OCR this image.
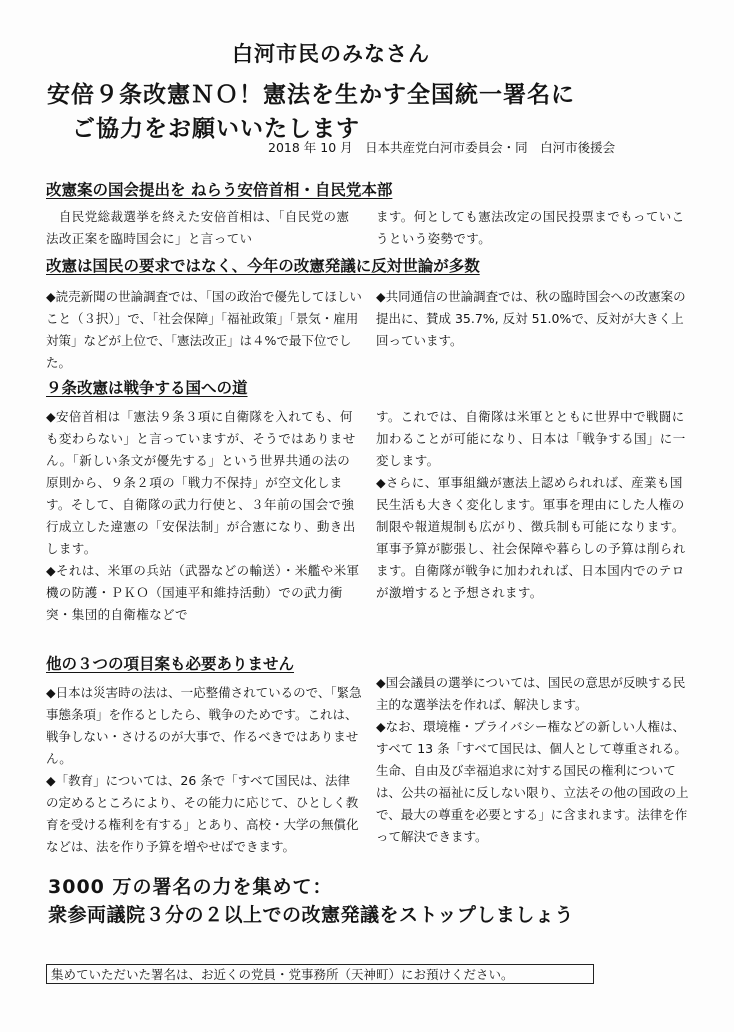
白河市民のみなさん
安倍９条改憲ＮＯ！憲法を生かす全国統一署名に
ご協力をお願いいたします
2018 年 10 月　日本共産党白河市委員会・同　白河市後援会
改憲案の国会提出を ねらう安倍首相・自民党本部

　自民党総裁選挙を終えた安倍首相は、「自民党の憲法改正案を臨時国会に」と言ってい

ます。何としても憲法改定の国民投票までもっていこうという姿勢です。

改憲は国民の要求ではなく、今年の改憲発議に反対世論が多数

◆読売新聞の世論調査では、「国の政治で優先してほしいこと（３択）」で、「社会保障」「福祉政策」「景気・雇用対策」などが上位で、「憲法改正」は４%で最下位でした。

◆共同通信の世論調査では、秋の臨時国会への改憲案の提出に、賛成 35.7%, 反対 51.0%で、反対が大きく上回っています。

９条改憲は戦争する国への道

◆安倍首相は「憲法９条３項に自衛隊を入れても、何も変わらない」と言っていますが、そうではありません。「新しい条文が優先する」という世界共通の法の原則から、９条２項の「戦力不保持」が空文化します。そして、自衛隊の武力行使と、３年前の国会で強行成立した違憲の「安保法制」が合憲になり、動き出します。

◆それは、米軍の兵站（武器などの輸送）・米艦や米軍機の防護・ＰＫＯ（国連平和維持活動）での武力衝突・集団的自衛権などで

す。これでは、自衛隊は米軍とともに世界中で戦闘に加わることが可能になり、日本は「戦争する国」に一変します。

◆さらに、軍事組織が憲法上認められれば、産業も国民生活も大きく変化します。軍事を理由にした人権の制限や報道規制も広がり、徴兵制も可能になります。軍事予算が膨張し、社会保障や暮らしの予算は削られます。自衛隊が戦争に加われれば、日本国内でのテロが激増すると予想されます。

他の３つの項目案も必要ありません

◆日本は災害時の法は、一応整備されているので、「緊急事態条項」を作るとしたら、戦争のためです。これは、戦争しない・さけるのが大事で、作るべきではありません。

◆「教育」については、26 条で「すべて国民は、法律の定めるところにより、その能力に応じて、ひとしく教育を受ける権利を有する」とあり、高校・大学の無償化などは、法を作り予算を増やせばできます。

◆国会議員の選挙については、国民の意思が反映する民主的な選挙法を作れば、解決します。

◆なお、環境権・プライバシー権などの新しい人権は、すべて 13 条「すべて国民は、個人として尊重される。生命、自由及び幸福追求に対する国民の権利については、公共の福祉に反しない限り、立法その他の国政の上で、最大の尊重を必要とする」に含まれます。法律を作って解決できます。

3000 万の署名の力を集めて：
衆参両議院３分の２以上での改憲発議をストップしましょう
集めていただいた署名は、お近くの党員・党事務所（天神町）にお預けください。
